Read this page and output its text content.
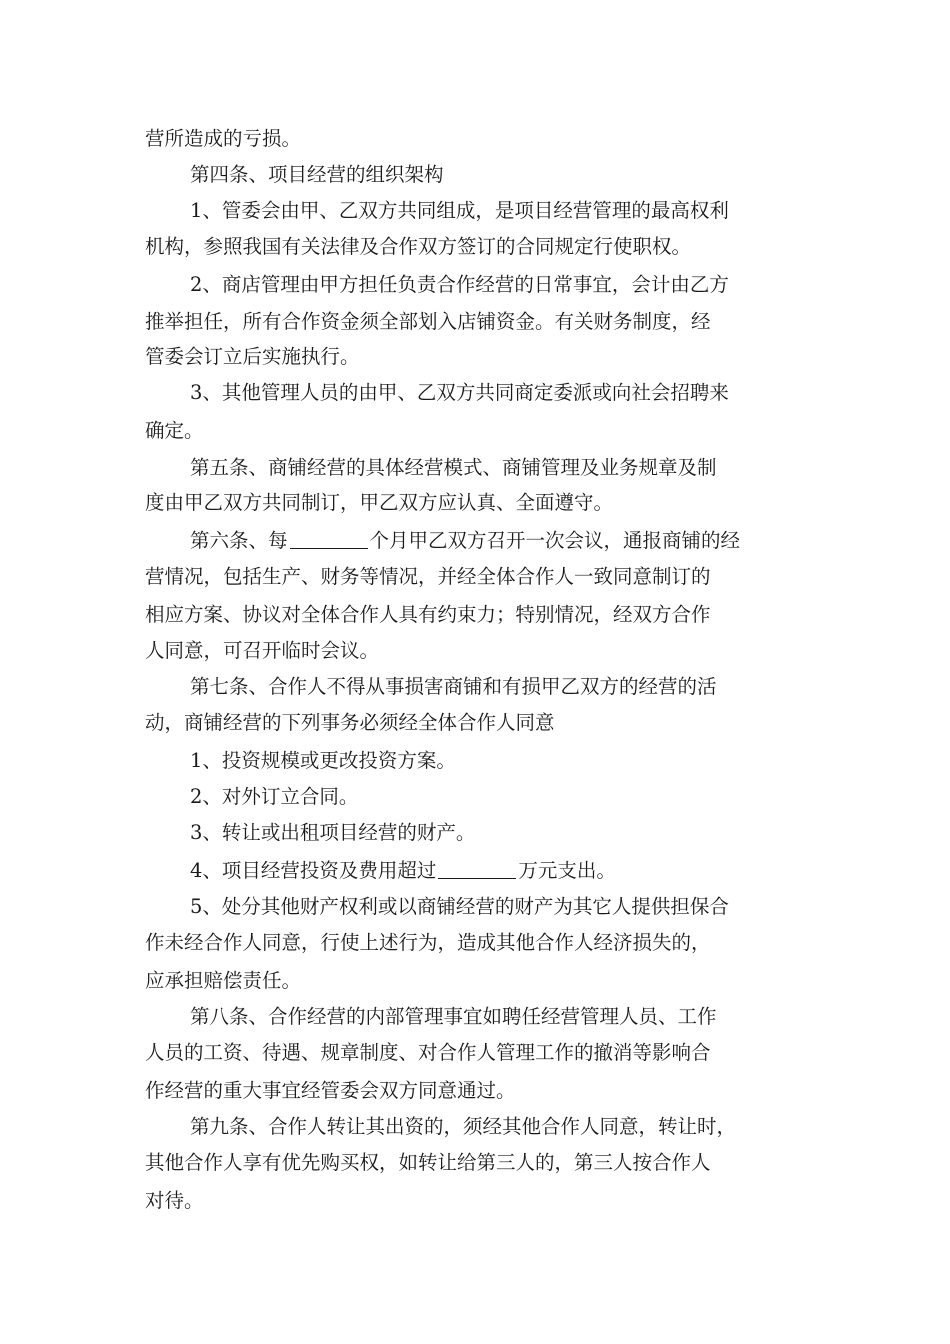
营所造成的亏损。
第四条、项目经营的组织架构
1、管委会由甲、乙双方共同组成，是项目经营管理的最高权利
机构，参照我国有关法律及合作双方签订的合同规定行使职权。
2、商店管理由甲方担任负责合作经营的日常事宜，会计由乙方
推举担任，所有合作资金须全部划入店铺资金。有关财务制度，经
管委会订立后实施执行。
3、其他管理人员的由甲、乙双方共同商定委派或向社会招聘来
确定。
第五条、商铺经营的具体经营模式、商铺管理及业务规章及制
度由甲乙双方共同制订，甲乙双方应认真、全面遵守。
第六条、每	个月甲乙双方召开一次会议，通报商铺的经
营情况，包括生产、财务等情况，并经全体合作人一致同意制订的
相应方案、协议对全体合作人具有约束力；特别情况，经双方合作
人同意，可召开临时会议。
第七条、合作人不得从事损害商铺和有损甲乙双方的经营的活
动，商铺经营的下列事务必须经全体合作人同意
1、投资规模或更改投资方案。
2、对外订立合同。
3、转让或出租项目经营的财产。
4、项目经营投资及费用超过	万元支出。
5、处分其他财产权利或以商铺经营的财产为其它人提供担保合
作未经合作人同意，行使上述行为，造成其他合作人经济损失的，
应承担赔偿责任。
第八条、合作经营的内部管理事宜如聘任经营管理人员、工作
人员的工资、待遇、规章制度、对合作人管理工作的撤消等影响合
作经营的重大事宜经管委会双方同意通过。
第九条、合作人转让其出资的，须经其他合作人同意，转让时，
其他合作人享有优先购买权，如转让给第三人的，第三人按合作人
对待。
